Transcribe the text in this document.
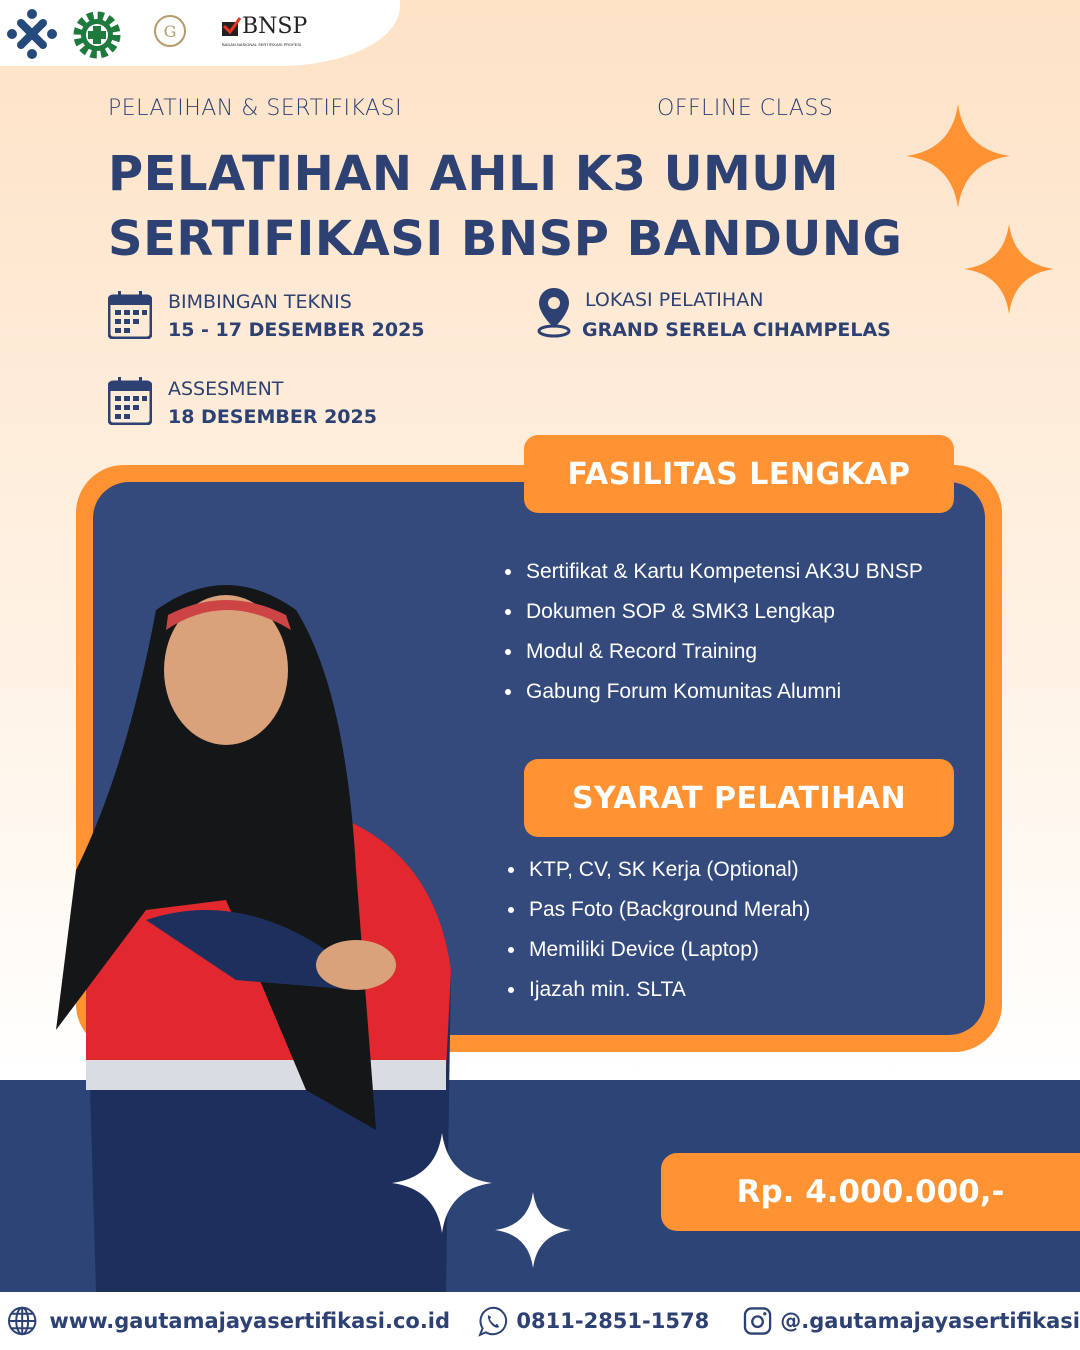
G	BNSP
BADAN NASIONAL SERTIFIKASI PROFESI
PELATIHAN & SERTIFIKASI	OFFLINE CLASS
PELATIHAN AHLI K3 UMUM
SERTIFIKASI BNSP BANDUNG
BIMBINGAN TEKNIS
15 - 17 DESEMBER 2025
LOKASI PELATIHAN
GRAND SERELA CIHAMPELAS
ASSESMENT
18 DESEMBER 2025
FASILITAS LENGKAP
Sertifikat & Kartu Kompetensi AK3U BNSP
Dokumen SOP & SMK3 Lengkap
Modul & Record Training
Gabung Forum Komunitas Alumni
SYARAT PELATIHAN
KTP, CV, SK Kerja (Optional)
Pas Foto (Background Merah)
Memiliki Device (Laptop)
Ijazah min. SLTA
Rp. 4.000.000,-
www.gautamajayasertifikasi.co.id	0811-2851-1578	@.gautamajayasertifikasi
